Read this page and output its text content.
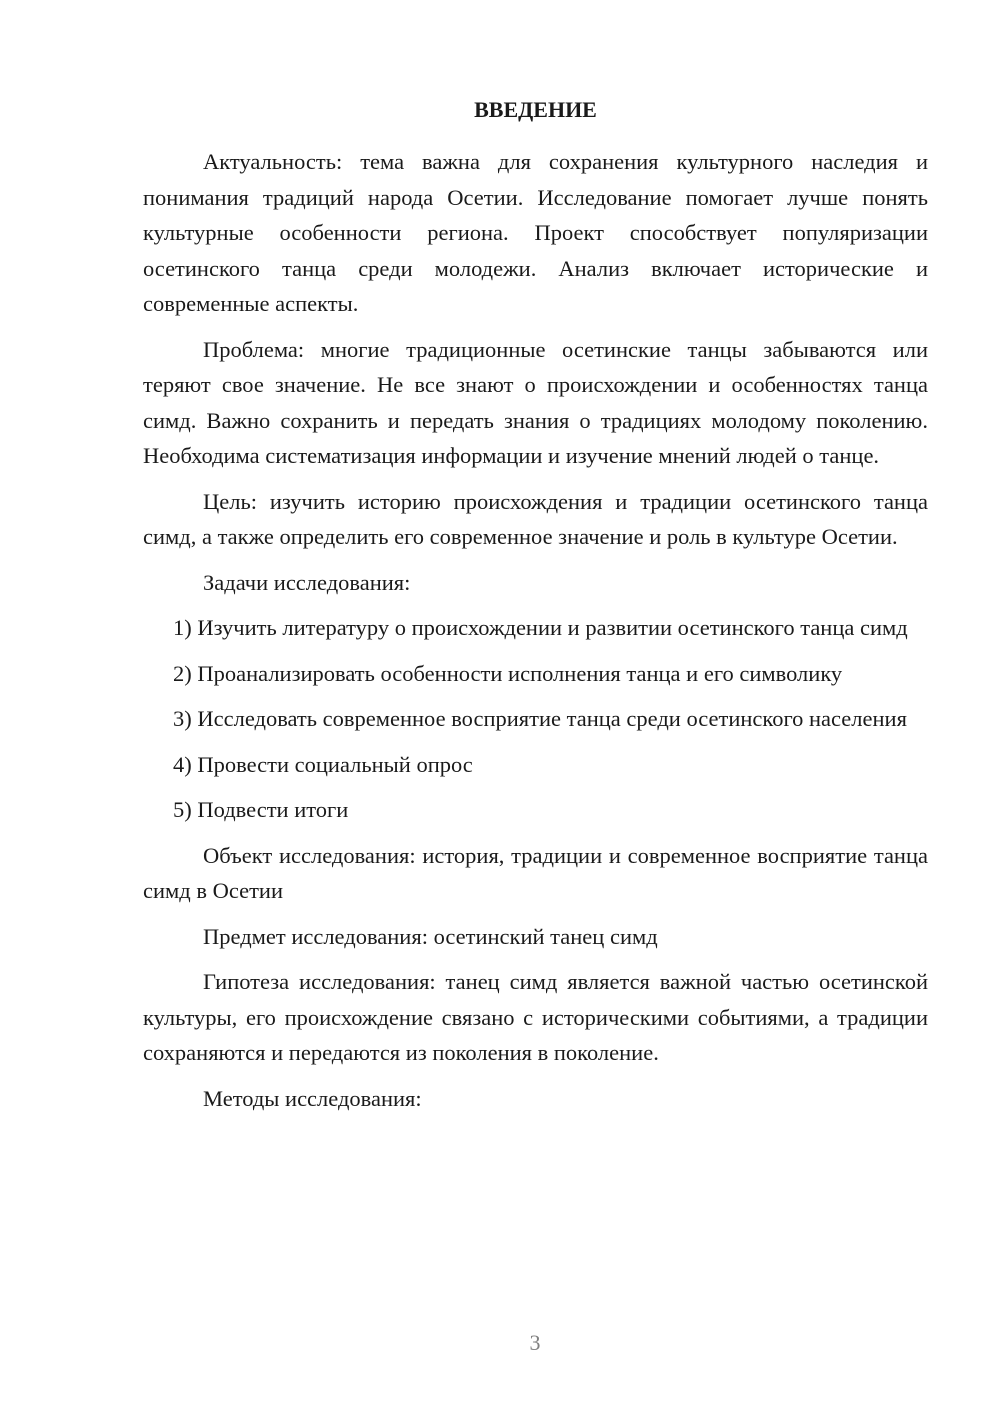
ВВЕДЕНИЕ

Актуальность: тема важна для сохранения культурного наследия и понимания традиций народа Осетии. Исследование помогает лучше понять культурные особенности региона. Проект способствует популяризации осетинского танца среди молодежи. Анализ включает исторические и современные аспекты.

Проблема: многие традиционные осетинские танцы забываются или теряют свое значение. Не все знают о происхождении и особенностях танца симд. Важно сохранить и передать знания о традициях молодому поколению. Необходима систематизация информации и изучение мнений людей о танце.

Цель: изучить историю происхождения и традиции осетинского танца симд, а также определить его современное значение и роль в культуре Осетии.

Задачи исследования:

1) Изучить литературу о происхождении и развитии осетинского танца симд

2) Проанализировать особенности исполнения танца и его символику

3) Исследовать современное восприятие танца среди осетинского населения

4) Провести социальный опрос

5) Подвести итоги

Объект исследования: история, традиции и современное восприятие танца симд в Осетии

Предмет исследования: осетинский танец симд

Гипотеза исследования: танец симд является важной частью осетинской культуры, его происхождение связано с историческими событиями, а традиции сохраняются и передаются из поколения в поколение.

Методы исследования:

3
